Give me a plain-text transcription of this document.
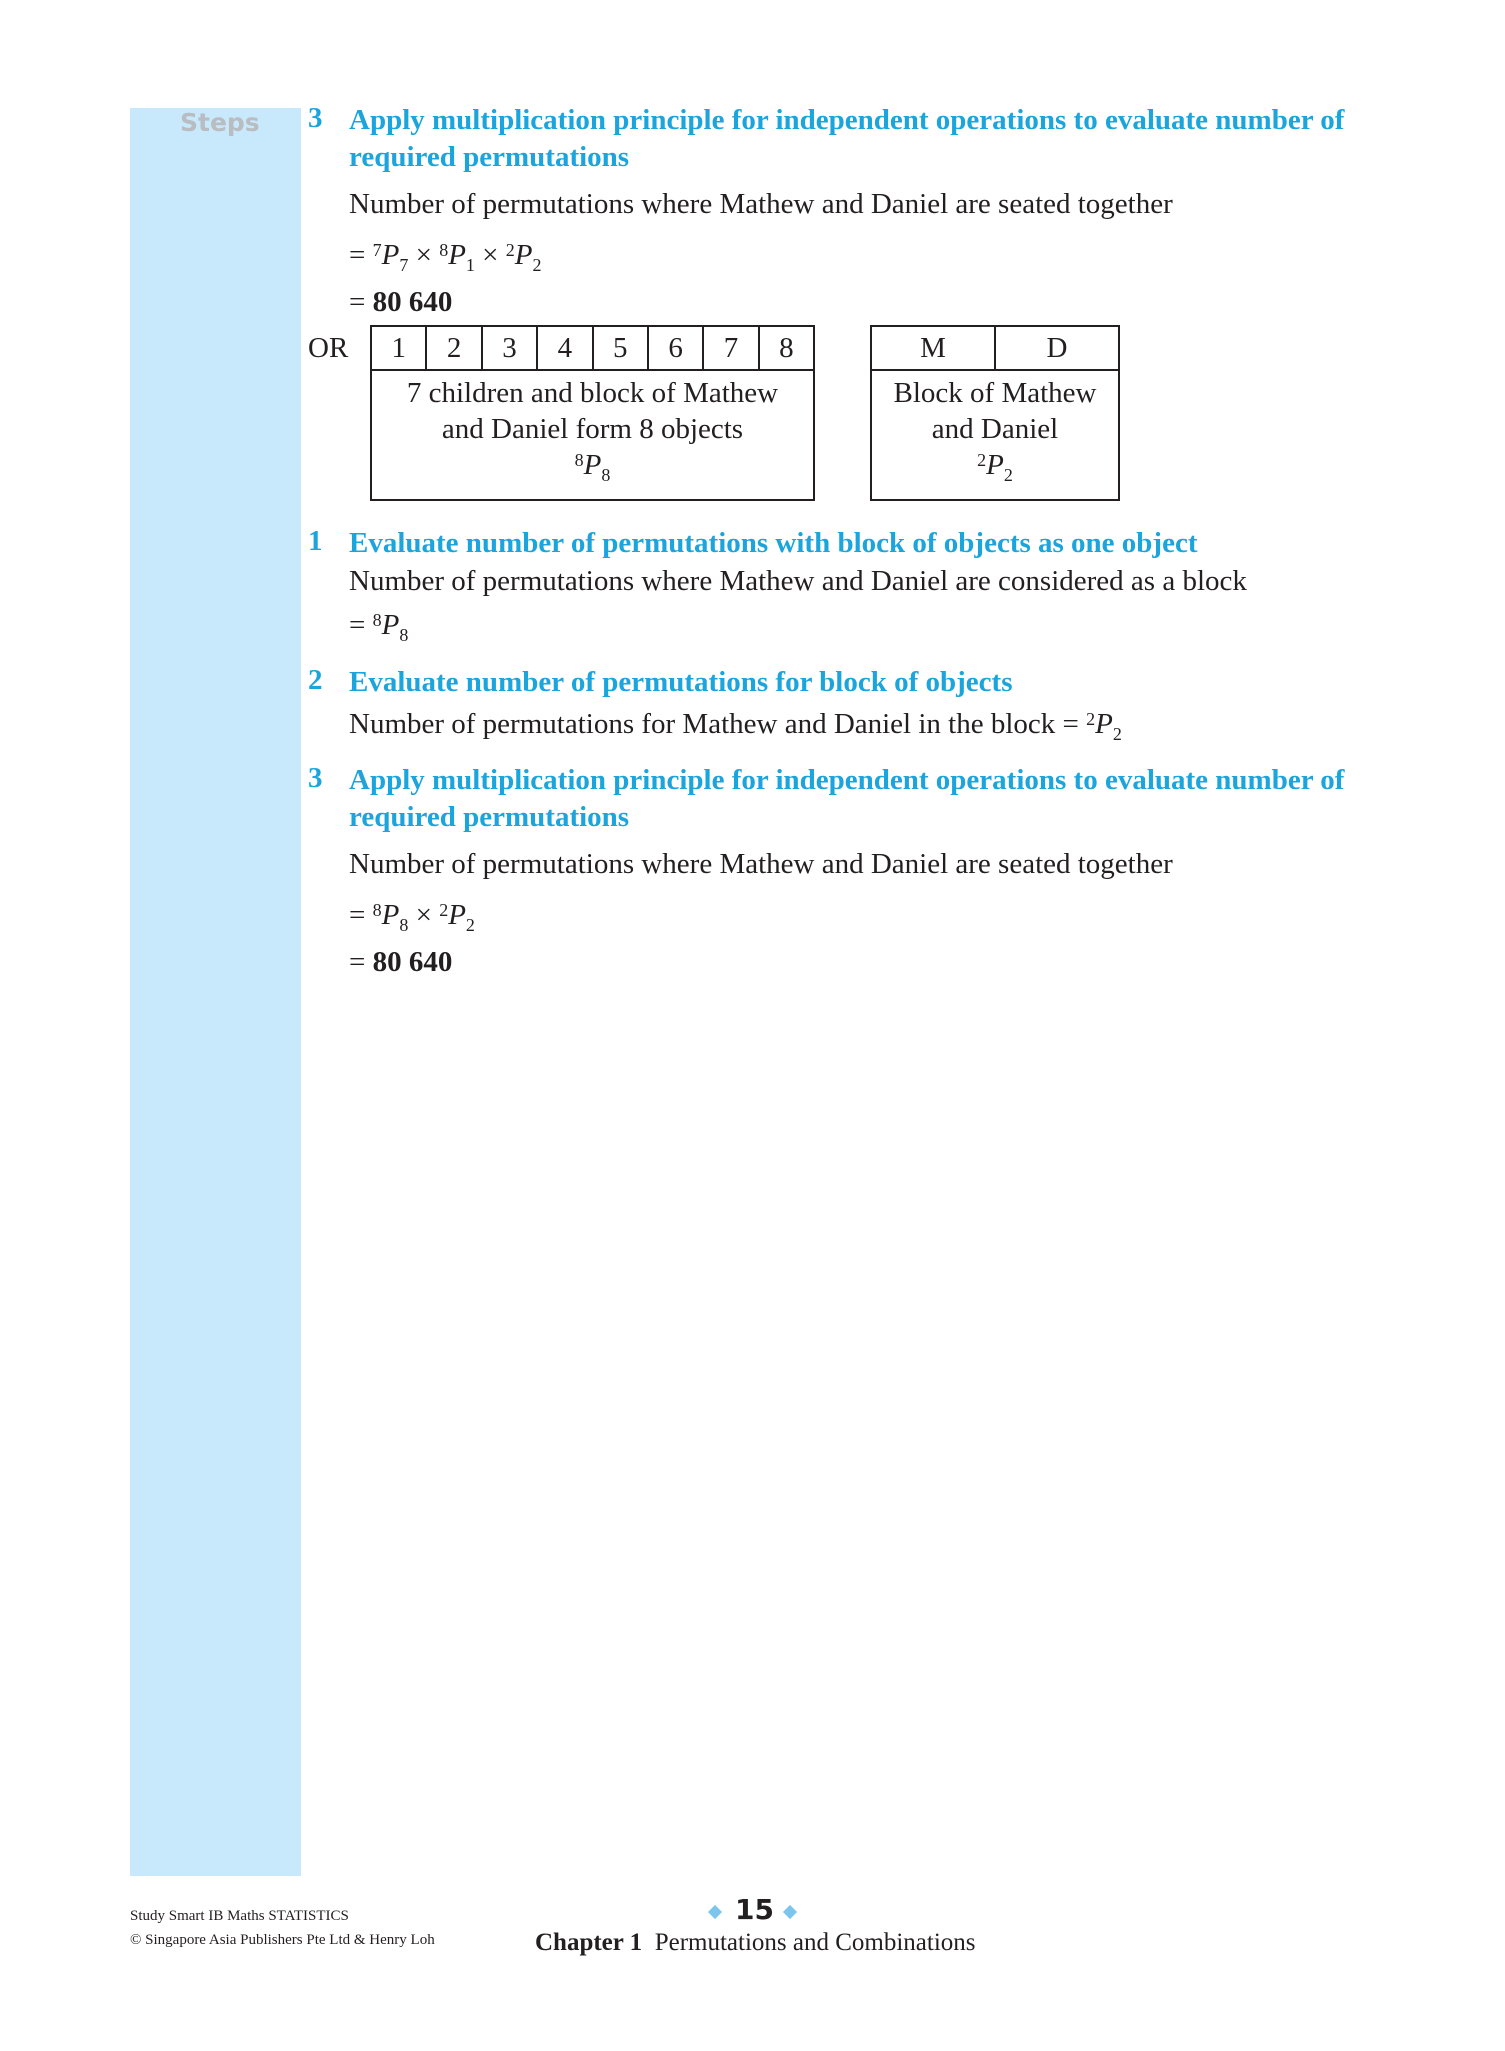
Steps 3 Apply multiplication principle for independent operations to evaluate number of required permutations
Number of permutations where Mathew and Daniel are seated together
= $^7P_7 \times ^8P_1 \times ^2P_2$
= 80 640
OR	1	2	3	4	5	6	7	8
7 children and block of Mathew
and Daniel form 8 objects
$^8P_8$
M	D
Block of Mathew
and Daniel
$^2P_2$
1 Evaluate number of permutations with block of objects as one object
Number of permutations where Mathew and Daniel are considered as a block
= $^8P_8$
2 Evaluate number of permutations for block of objects
Number of permutations for Mathew and Daniel in the block = $^2P_2$
3 Apply multiplication principle for independent operations to evaluate number of required permutations
Number of permutations where Mathew and Daniel are seated together
= $^8P_8 \times ^2P_2$
= 80 640
Study Smart IB Maths STATISTICS
© Singapore Asia Publishers Pte Ltd & Henry Loh
15
Chapter 1 Permutations and Combinations
